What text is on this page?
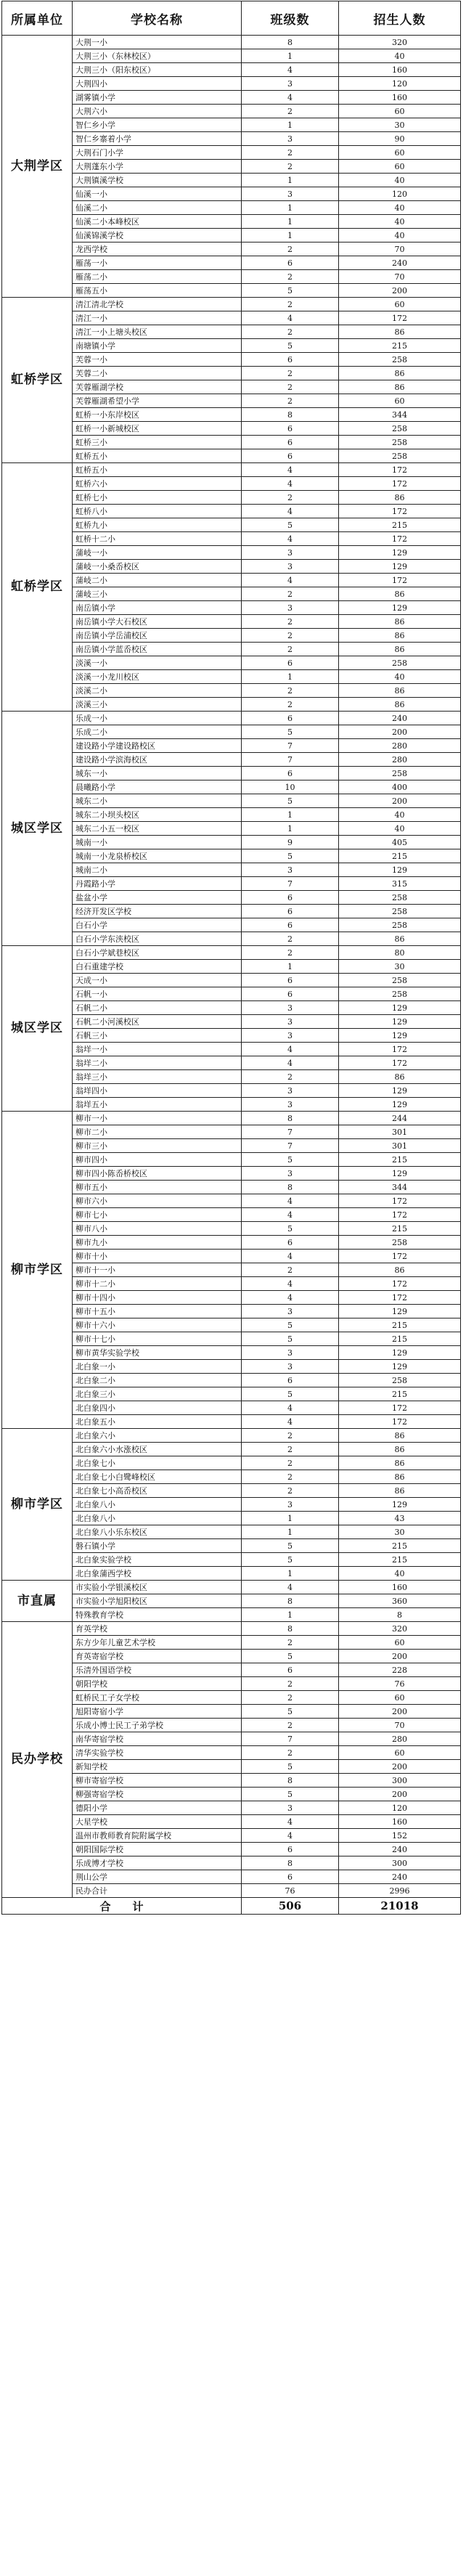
所属单位	学校名称	班级数	招生人数
大荆学区	大荆一小	8	320
	大荆三小（东林校区）	1	40
	大荆三小（阳东校区）	4	160
	大荆四小	3	120
	湖雾镇小学	4	160
	大荆六小	2	60
	智仁乡小学	1	30
	智仁乡寨着小学	3	90
	大荆石门小学	2	60
	大荆蓬东小学	2	60
	大荆镇溪学校	1	40
	仙溪一小	3	120
	仙溪二小	1	40
	仙溪二小本峰校区	1	40
	仙溪锦溪学校	1	40
	龙西学校	2	70
	雁荡一小	6	240
	雁荡二小	2	70
	雁荡五小	5	200
虹桥学区	清江清北学校	2	60
	清江一小	4	172
	清江一小上塘头校区	2	86
	南塘镇小学	5	215
	芙蓉一小	6	258
	芙蓉二小	2	86
	芙蓉雁湖学校	2	86
	芙蓉雁湖希望小学	2	60
	虹桥一小东岸校区	8	344
	虹桥一小新城校区	6	258
	虹桥三小	6	258
	虹桥五小	6	258
虹桥学区	虹桥五小	4	172
	虹桥六小	4	172
	虹桥七小	2	86
	虹桥八小	4	172
	虹桥九小	5	215
	虹桥十二小	4	172
	蒲岐一小	3	129
	蒲岐一小桑岙校区	3	129
	蒲岐二小	4	172
	蒲岐三小	2	86
	南岳镇小学	3	129
	南岳镇小学大石校区	2	86
	南岳镇小学岳浦校区	2	86
	南岳镇小学蓝岙校区	2	86
	淡溪一小	6	258
	淡溪一小龙川校区	1	40
	淡溪二小	2	86
	淡溪三小	2	86
城区学区	乐成一小	6	240
	乐成二小	5	200
	建设路小学建设路校区	7	280
	建设路小学滨海校区	7	280
	城东一小	6	258
	晨曦路小学	10	400
	城东二小	5	200
	城东二小坝头校区	1	40
	城东二小五一校区	1	40
	城南一小	9	405
	城南一小龙泉桥校区	5	215
	城南二小	3	129
	丹霞路小学	7	315
	盐盆小学	6	258
	经济开发区学校	6	258
	白石小学	6	258
	白石小学东浃校区	2	86
城区学区	白石小学斌巷校区	2	80
	白石重建学校	1	30
	天成一小	6	258
	石帆一小	6	258
	石帆二小	3	129
	石帆二小河溪校区	3	129
	石帆三小	3	129
	翁垟一小	4	172
	翁垟二小	4	172
	翁垟三小	2	86
	翁垟四小	3	129
	翁垟五小	3	129
柳市学区	柳市一小	8	244
	柳市二小	7	301
	柳市三小	7	301
	柳市四小	5	215
	柳市四小陈岙桥校区	3	129
	柳市五小	8	344
	柳市六小	4	172
	柳市七小	4	172
	柳市八小	5	215
	柳市九小	6	258
	柳市十小	4	172
	柳市十一小	2	86
	柳市十二小	4	172
	柳市十四小	4	172
	柳市十五小	3	129
	柳市十六小	5	215
	柳市十七小	5	215
	柳市黄华实验学校	3	129
	北白象一小	3	129
	北白象二小	6	258
	北白象三小	5	215
	北白象四小	4	172
	北白象五小	4	172
柳市学区	北白象六小	2	86
	北白象六小水涨校区	2	86
	北白象七小	2	86
	北白象七小白鹭峰校区	2	86
	北白象七小高岙校区	2	86
	北白象八小	3	129
	北白象八小	1	43
	北白象八小乐东校区	1	30
	磐石镇小学	5	215
	北白象实验学校	5	215
	北白象蒲西学校	1	40
市直属	市实验小学银溪校区	4	160
	市实验小学旭阳校区	8	360
	特殊教育学校	1	8
民办学校	育英学校	8	320
	东方少年儿童艺术学校	2	60
	育英寄宿学校	5	200
	乐清外国语学校	6	228
	朝阳学校	2	76
	虹桥民工子女学校	2	60
	旭阳寄宿小学	5	200
	乐成小博士民工子弟学校	2	70
	南华寄宿学校	7	280
	清华实验学校	2	60
	新知学校	5	200
	柳市寄宿学校	8	300
	柳强寄宿学校	5	200
	德阳小学	3	120
	大星学校	4	160
	温州市教师教育院附属学校	4	152
	朝阳国际学校	6	240
	乐成博才学校	8	300
	荆山公学	6	240
	民办合计	76	2996
合计		506	21018
